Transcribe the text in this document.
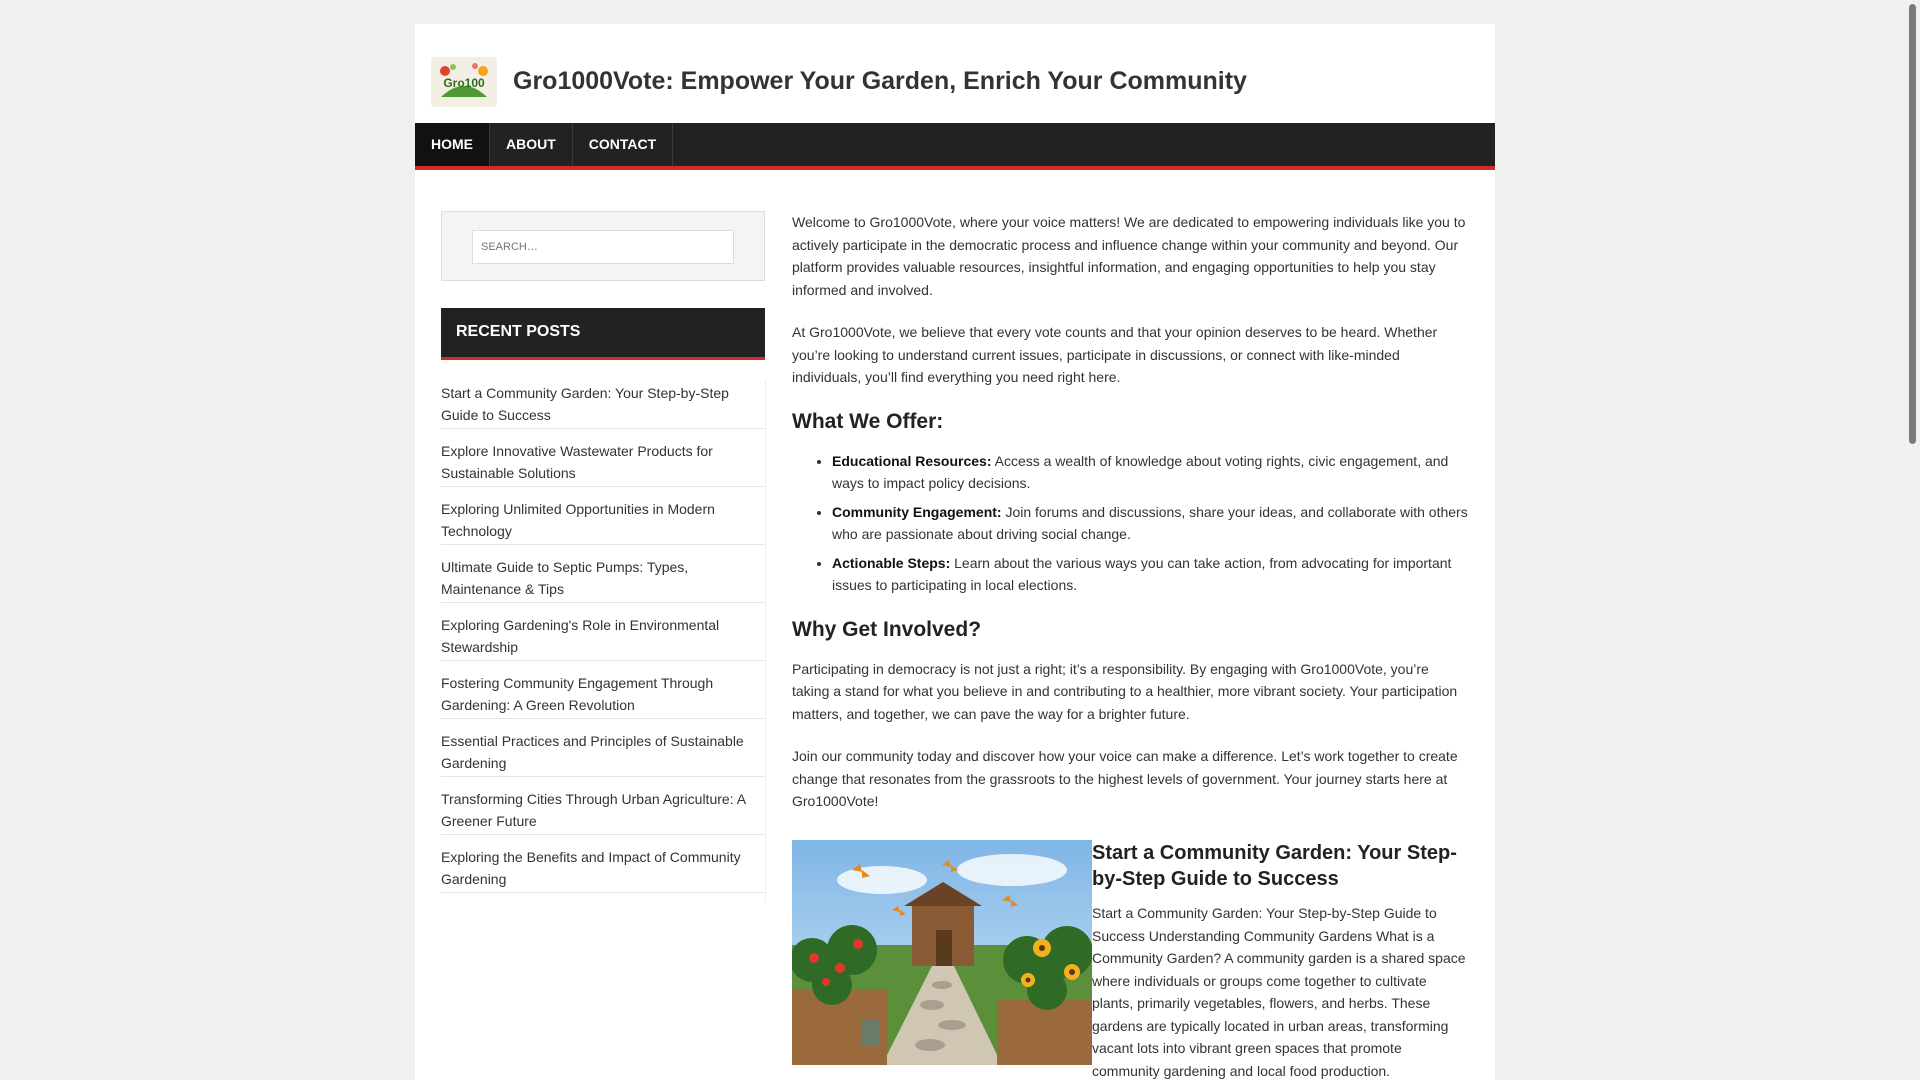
Gro100 Gro1000Vote: Empower Your Garden, Enrich Your Community
HOME	ABOUT	CONTACT
SEARCH…
RECENT POSTS
Start a Community Garden: Your Step-by-Step Guide to Success
Explore Innovative Wastewater Products for Sustainable Solutions
Exploring Unlimited Opportunities in Modern Technology
Ultimate Guide to Septic Pumps: Types, Maintenance & Tips
Exploring Gardening's Role in Environmental Stewardship
Fostering Community Engagement Through Gardening: A Green Revolution
Essential Practices and Principles of Sustainable Gardening
Transforming Cities Through Urban Agriculture: A Greener Future
Exploring the Benefits and Impact of Community Gardening

Welcome to Gro1000Vote, where your voice matters! We are dedicated to empowering individuals like you to actively participate in the democratic process and influence change within your community and beyond. Our platform provides valuable resources, insightful information, and engaging opportunities to help you stay informed and involved.

At Gro1000Vote, we believe that every vote counts and that your opinion deserves to be heard. Whether you’re looking to understand current issues, participate in discussions, or connect with like-minded individuals, you’ll find everything you need right here.

What We Offer:
• Educational Resources: Access a wealth of knowledge about voting rights, civic engagement, and ways to impact policy decisions.
• Community Engagement: Join forums and discussions, share your ideas, and collaborate with others who are passionate about driving social change.
• Actionable Steps: Learn about the various ways you can take action, from advocating for important issues to participating in local elections.
Why Get Involved?

Participating in democracy is not just a right; it’s a responsibility. By engaging with Gro1000Vote, you’re taking a stand for what you believe in and contributing to a healthier, more vibrant society. Your participation matters, and together, we can pave the way for a brighter future.

Join our community today and discover how your voice can make a difference. Let’s work together to create change that resonates from the grassroots to the highest levels of government. Your journey starts here at Gro1000Vote!

Start a Community Garden: Your Step-by-Step Guide to Success

Start a Community Garden: Your Step-by-Step Guide to Success Understanding Community Gardens What is a Community Garden? A community garden is a shared space where individuals or groups come together to cultivate plants, primarily vegetables, flowers, and herbs. These gardens are typically located in urban areas, transforming vacant lots into vibrant green spaces that promote community gardening and local food production.
